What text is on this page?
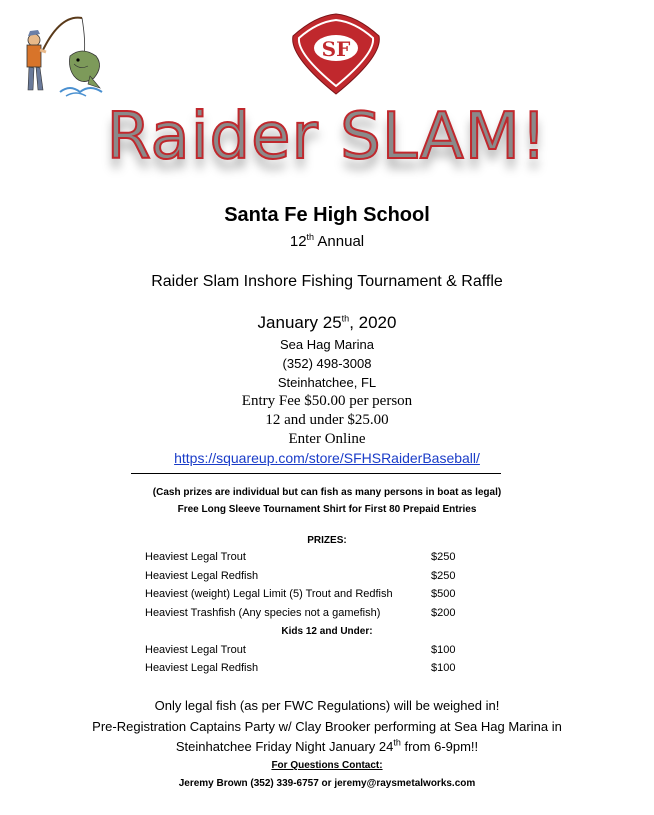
SF
Raider SLAM!
Santa Fe High School
12th Annual
Raider Slam Inshore Fishing Tournament & Raffle
January 25th, 2020
Sea Hag Marina
(352) 498-3008
Steinhatchee, FL
Entry Fee $50.00 per person
12 and under $25.00
Enter Online
https://squareup.com/store/SFHSRaiderBaseball/
(Cash prizes are individual but can fish as many persons in boat as legal)
Free Long Sleeve Tournament Shirt for First 80 Prepaid Entries
PRIZES:
Heaviest Legal Trout	$250
Heaviest Legal Redfish	$250
Heaviest (weight) Legal Limit (5) Trout and Redfish	$500
Heaviest Trashfish (Any species not a gamefish)	$200
Kids 12 and Under:
Heaviest Legal Trout	$100
Heaviest Legal Redfish	$100
Only legal fish (as per FWC Regulations) will be weighed in!
Pre-Registration Captains Party w/ Clay Brooker performing at Sea Hag Marina in
Steinhatchee Friday Night January 24th from 6-9pm!!
For Questions Contact:
Jeremy Brown (352) 339-6757 or jeremy@raysmetalworks.com
